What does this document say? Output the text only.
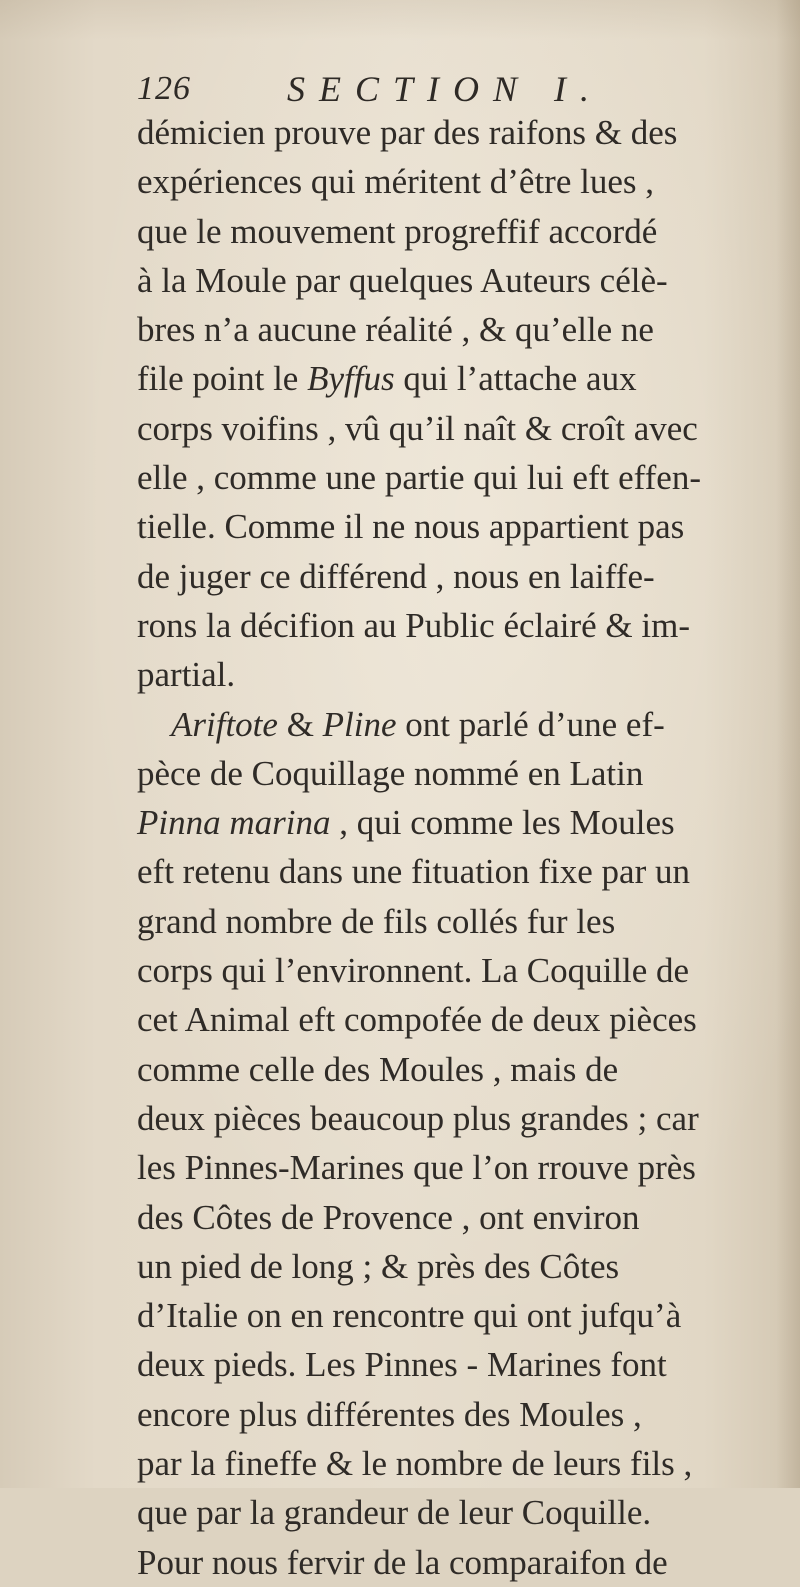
126	SECTION I.
démicien prouve par des raifons & des
expériences qui méritent d’être lues ,
que le mouvement progreffif accordé
à la Moule par quelques Auteurs célè-
bres n’a aucune réalité , & qu’elle ne
file point le Byffus qui l’attache aux
corps voifins , vû qu’il naît & croît avec
elle , comme une partie qui lui eft effen-
tielle. Comme il ne nous appartient pas
de juger ce différend , nous en laiffe-
rons la décifion au Public éclairé & im-
partial.
Ariftote & Pline ont parlé d’une ef-
pèce de Coquillage nommé en Latin
Pinna marina , qui comme les Moules
eft retenu dans une fituation fixe par un
grand nombre de fils collés fur les
corps qui l’environnent. La Coquille de
cet Animal eft compofée de deux pièces
comme celle des Moules , mais de
deux pièces beaucoup plus grandes ; car
les Pinnes-Marines que l’on rrouve près
des Côtes de Provence , ont environ
un pied de long ; & près des Côtes
d’Italie on en rencontre qui ont jufqu’à
deux pieds. Les Pinnes - Marines font
encore plus différentes des Moules ,
par la fineffe & le nombre de leurs fils ,
que par la grandeur de leur Coquille.
Pour nous fervir de la comparaifon de
